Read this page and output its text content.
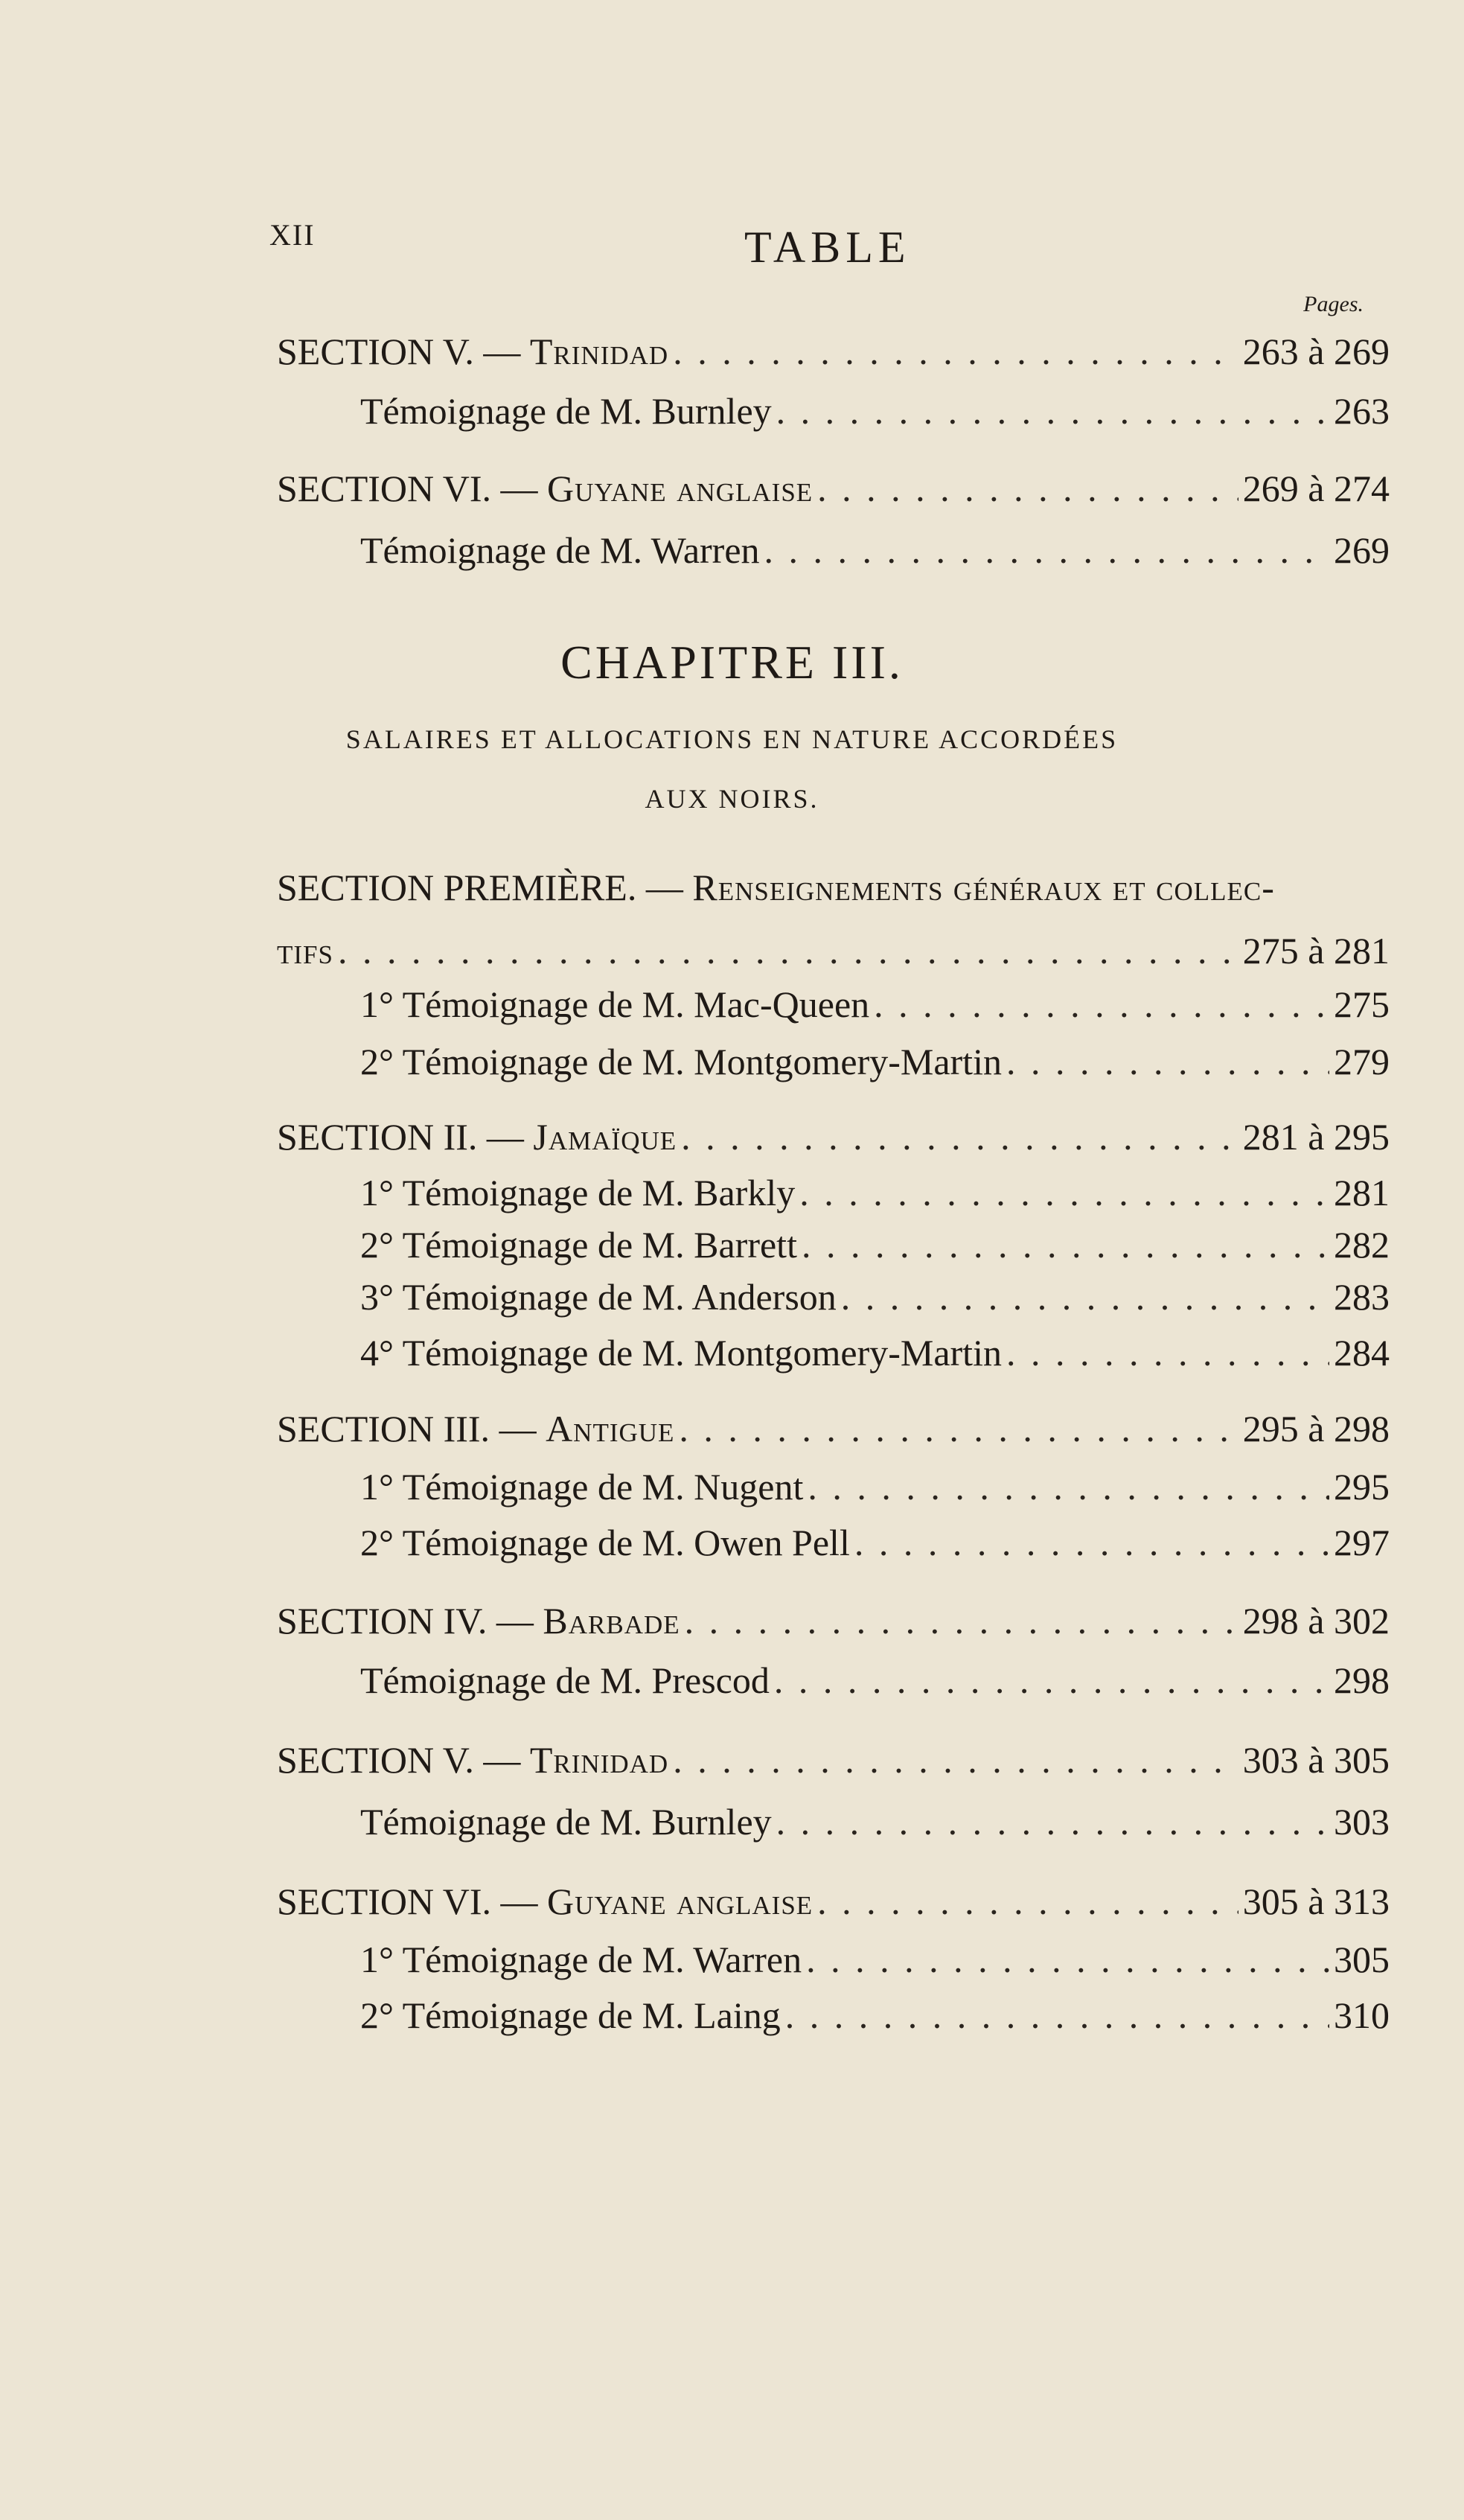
XII	TABLE
Pages.
SECTION V. — Trinidad . . .	263 à 269
Témoignage de M. Burnley . . .	263
SECTION VI. — Guyane anglaise . . .	269 à 274
Témoignage de M. Warren . . .	269
CHAPITRE III.
SALAIRES ET ALLOCATIONS EN NATURE ACCORDÉES
AUX NOIRS.
SECTION PREMIÈRE. — Renseignements généraux et collec-
tifs . . .	275 à 281
1° Témoignage de M. Mac-Queen . . .	275
2° Témoignage de M. Montgomery-Martin . . .	279
SECTION II. — Jamaïque . . .	281 à 295
1° Témoignage de M. Barkly . . .	281
2° Témoignage de M. Barrett . . .	282
3° Témoignage de M. Anderson . . .	283
4° Témoignage de M. Montgomery-Martin . . .	284
SECTION III. — Antigue . . .	295 à 298
1° Témoignage de M. Nugent . . .	295
2° Témoignage de M. Owen Pell . . .	297
SECTION IV. — Barbade . . .	298 à 302
Témoignage de M. Prescod . . .	298
SECTION V. — Trinidad . . .	303 à 305
Témoignage de M. Burnley . . .	303
SECTION VI. — Guyane anglaise . . .	305 à 313
1° Témoignage de M. Warren . . .	305
2° Témoignage de M. Laing . . .	310
